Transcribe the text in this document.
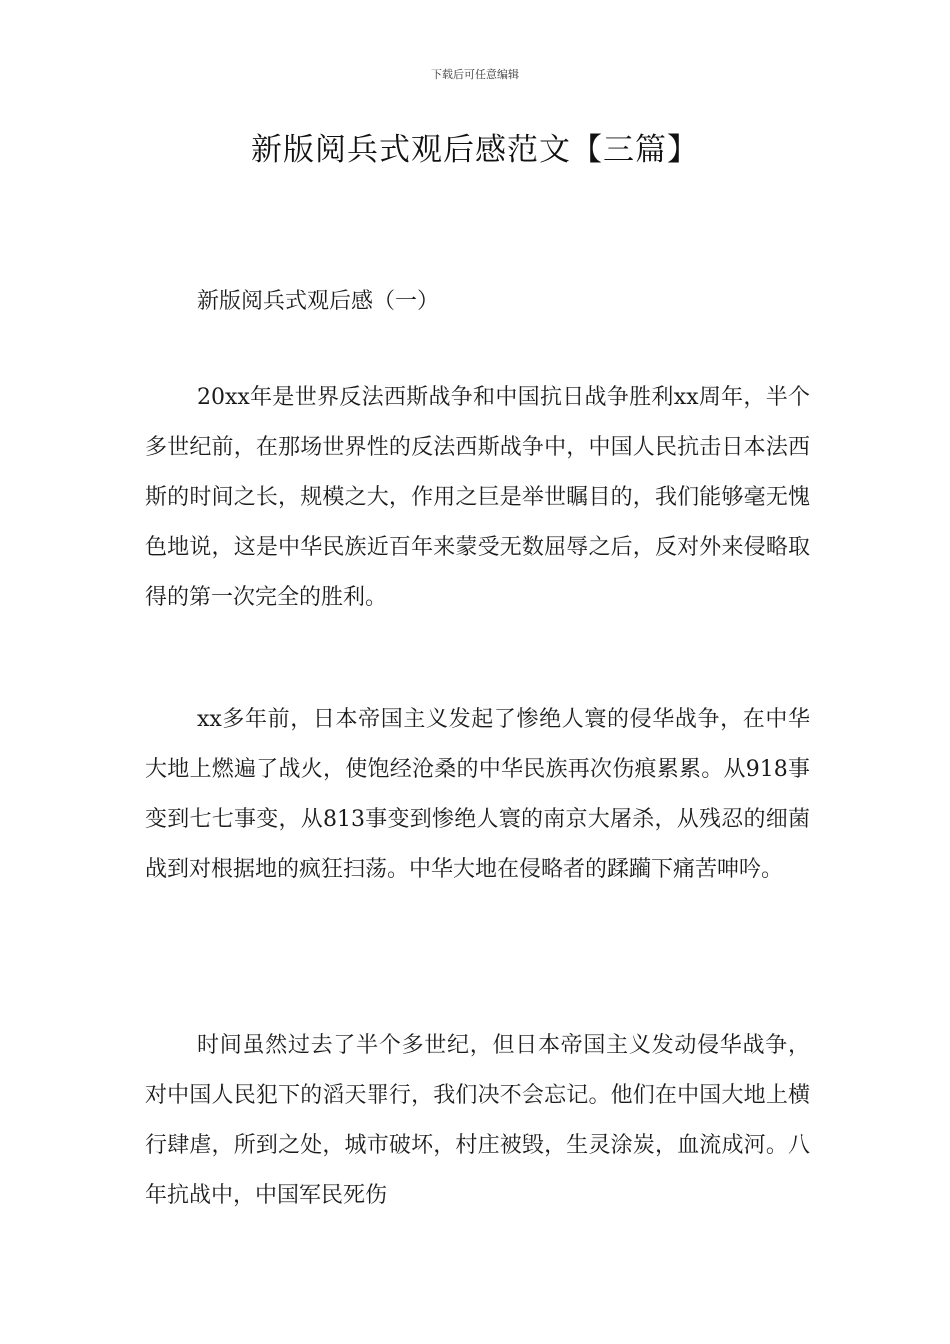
下载后可任意编辑
新版阅兵式观后感范文【三篇】
新版阅兵式观后感（一）

20xx年是世界反法西斯战争和中国抗日战争胜利xx周年，半个多世纪前，在那场世界性的反法西斯战争中，中国人民抗击日本法西斯的时间之长，规模之大，作用之巨是举世瞩目的，我们能够毫无愧色地说，这是中华民族近百年来蒙受无数屈辱之后，反对外来侵略取得的第一次完全的胜利。

xx多年前，日本帝国主义发起了惨绝人寰的侵华战争，在中华大地上燃遍了战火，使饱经沧桑的中华民族再次伤痕累累。从918事变到七七事变，从813事变到惨绝人寰的南京大屠杀，从残忍的细菌战到对根据地的疯狂扫荡。中华大地在侵略者的蹂躏下痛苦呻吟。

时间虽然过去了半个多世纪，但日本帝国主义发动侵华战争，对中国人民犯下的滔天罪行，我们决不会忘记。他们在中国大地上横行肆虐，所到之处，城市破坏，村庄被毁，生灵涂炭，血流成河。八年抗战中，中国军民死伤
